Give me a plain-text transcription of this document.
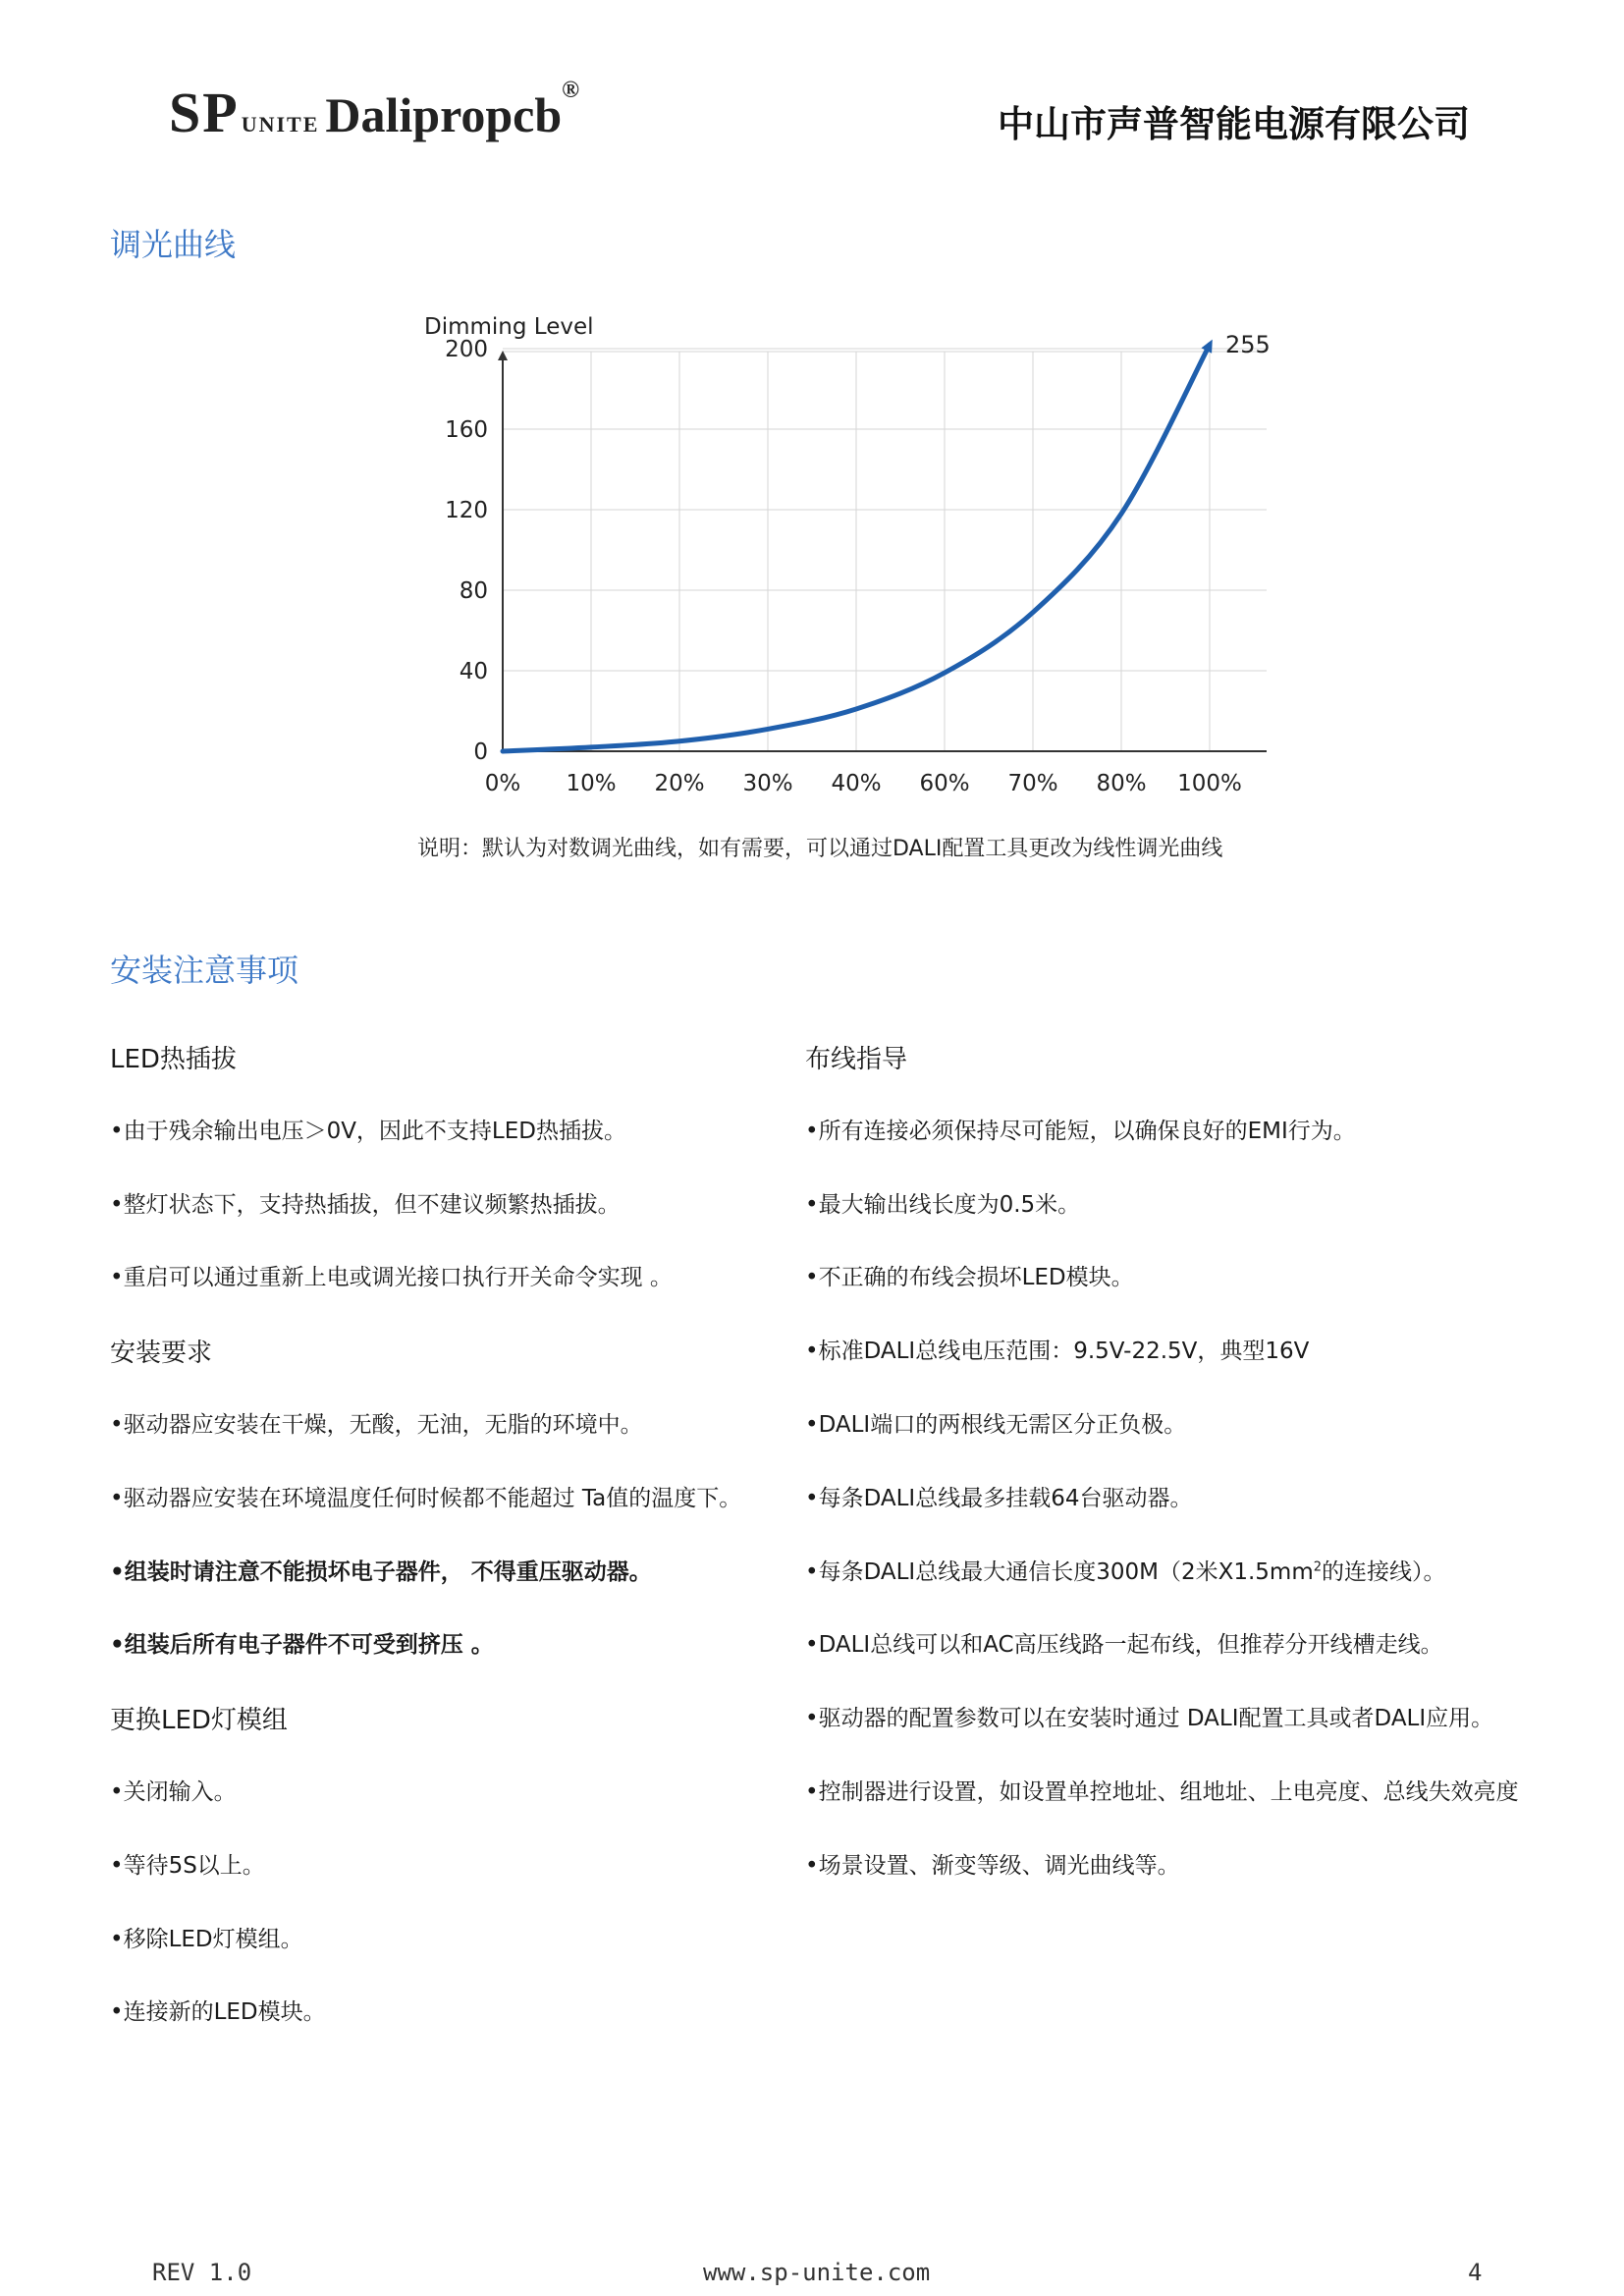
SPUNITE Dalipropcb®
中山市声普智能电源有限公司
调光曲线
0% 10% 20% 30% 40% 60% 70% 80% 100%
0
40
80
120
160
200
Dimming Level
255
说明：默认为对数调光曲线，如有需要，可以通过DALI配置工具更改为线性调光曲线
安装注意事项
LED热插拔
•由于残余输出电压＞0V，因此不支持LED热插拔。
•整灯状态下，支持热插拔，但不建议频繁热插拔。
•重启可以通过重新上电或调光接口执行开关命令实现 。
安装要求
•驱动器应安装在干燥，无酸，无油，无脂的环境中。
•驱动器应安装在环境温度任何时候都不能超过 Ta值的温度下。
•组装时请注意不能损坏电子器件， 不得重压驱动器。
•组装后所有电子器件不可受到挤压 。
更换LED灯模组
•关闭输入。
•等待5S以上。
•移除LED灯模组。
•连接新的LED模块。
布线指导
•所有连接必须保持尽可能短，以确保良好的EMI行为。
•最大输出线长度为0.5米。
•不正确的布线会损坏LED模块。
•标准DALI总线电压范围：9.5V-22.5V，典型16V
•DALI端口的两根线无需区分正负极。
•每条DALI总线最多挂载64台驱动器。
•每条DALI总线最大通信长度300M（2米$X1.5mm^2$的连接线）。
•DALI总线可以和AC高压线路一起布线，但推荐分开线槽走线。
•驱动器的配置参数可以在安装时通过 DALI配置工具或者DALI应用。
•控制器进行设置，如设置单控地址、组地址、上电亮度、总线失效亮度
•场景设置、渐变等级、调光曲线等。
REV 1.0	www.sp-unite.com	4
